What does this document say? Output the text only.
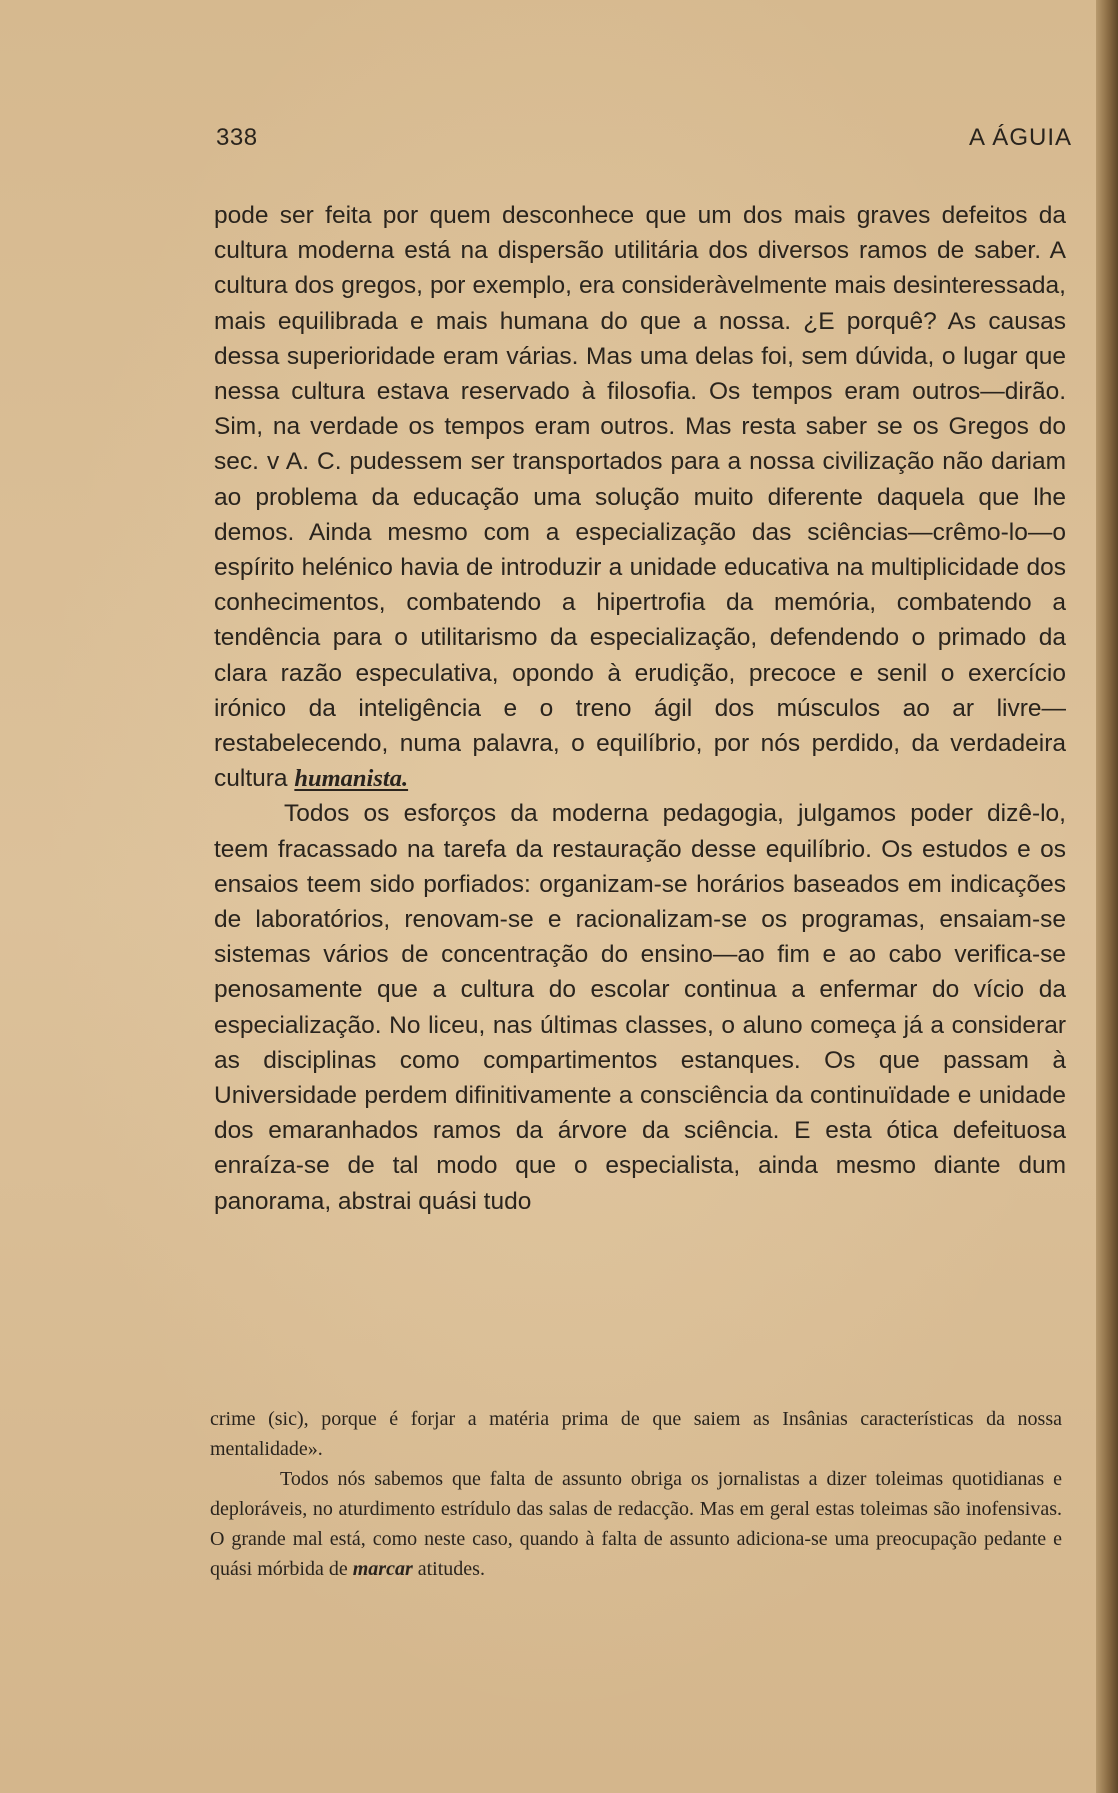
338	A ÁGUIA

pode ser feita por quem desconhece que um dos mais graves defeitos da cultura moderna está na dispersão utilitária dos diversos ramos de saber. A cultura dos gregos, por exemplo, era consideràvelmente mais desinteressada, mais equilibrada e mais humana do que a nossa. ¿E porquê? As causas dessa superioridade eram várias. Mas uma delas foi, sem dúvida, o lugar que nessa cultura estava reservado à filosofia. Os tempos eram outros—dirão. Sim, na verdade os tempos eram outros. Mas resta saber se os Gregos do sec. v A. C. pudessem ser transportados para a nossa civilização não dariam ao problema da educação uma solução muito diferente daquela que lhe demos. Ainda mesmo com a especialização das sciências—crêmo-lo—o espírito helénico havia de introduzir a unidade educativa na multiplicidade dos conhecimentos, combatendo a hipertrofia da memória, combatendo a tendência para o utilitarismo da especialização, defendendo o primado da clara razão especulativa, opondo à erudição, precoce e senil o exercício irónico da inteligência e o treno ágil dos músculos ao ar livre—restabelecendo, numa palavra, o equilíbrio, por nós perdido, da verdadeira cultura humanista.

Todos os esforços da moderna pedagogia, julgamos poder dizê-lo, teem fracassado na tarefa da restauração desse equilíbrio. Os estudos e os ensaios teem sido porfiados: organizam-se horários baseados em indicações de laboratórios, renovam-se e racionalizam-se os programas, ensaiam-se sistemas vários de concentração do ensino—ao fim e ao cabo verifica-se penosamente que a cultura do escolar continua a enfermar do vício da especialização. No liceu, nas últimas classes, o aluno começa já a considerar as disciplinas como compartimentos estanques. Os que passam à Universidade perdem difinitivamente a consciência da continuïdade e unidade dos emaranhados ramos da árvore da sciência. E esta ótica defeituosa enraíza-se de tal modo que o especialista, ainda mesmo diante dum panorama, abstrai quási tudo

crime (sic), porque é forjar a matéria prima de que saiem as Insânias características da nossa mentalidade».

Todos nós sabemos que falta de assunto obriga os jornalistas a dizer toleimas quotidianas e deploráveis, no aturdimento estrídulo das salas de redacção. Mas em geral estas toleimas são inofensivas. O grande mal está, como neste caso, quando à falta de assunto adiciona-se uma preocupação pedante e quási mórbida de marcar atitudes.
